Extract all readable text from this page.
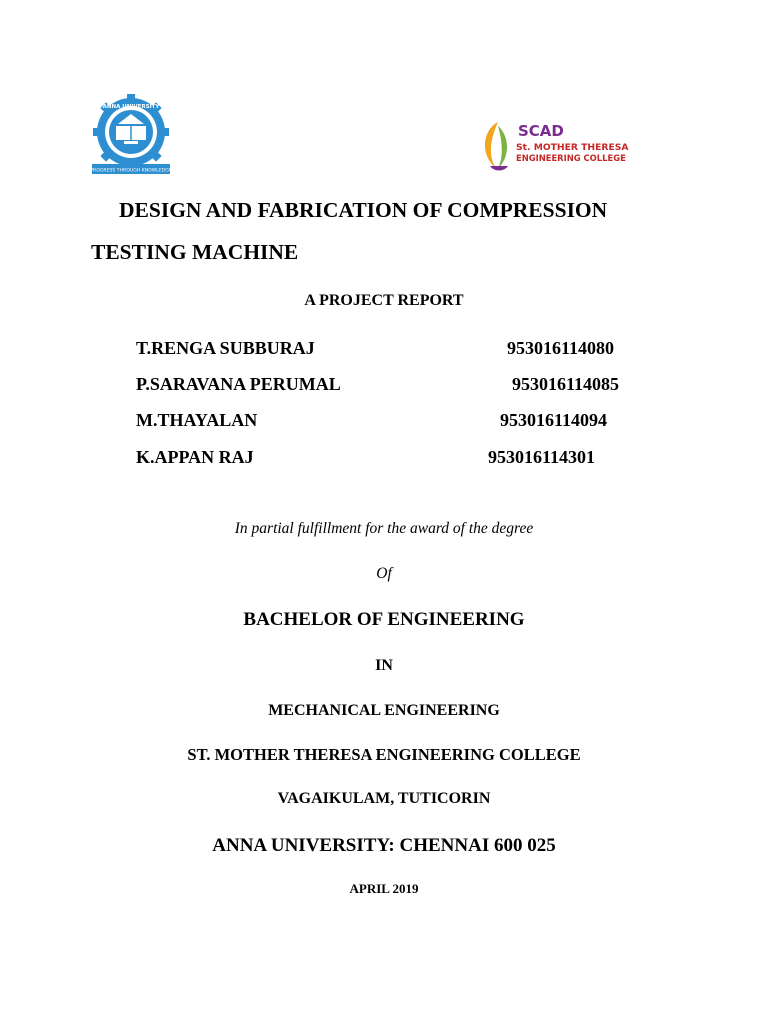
PROGRESS THROUGH KNOWLEDGE
ANNA UNIVERSITY
SCAD
St. MOTHER THERESA
ENGINEERING COLLEGE
DESIGN AND FABRICATION OF COMPRESSION
TESTING MACHINE
A PROJECT REPORT
T.RENGA SUBBURAJ	953016114080
P.SARAVANA PERUMAL	953016114085
M.THAYALAN	953016114094
K.APPAN RAJ	953016114301
In partial fulfillment for the award of the degree
Of
BACHELOR OF ENGINEERING
IN
MECHANICAL ENGINEERING
ST. MOTHER THERESA ENGINEERING COLLEGE
VAGAIKULAM, TUTICORIN
ANNA UNIVERSITY: CHENNAI 600 025
APRIL 2019
